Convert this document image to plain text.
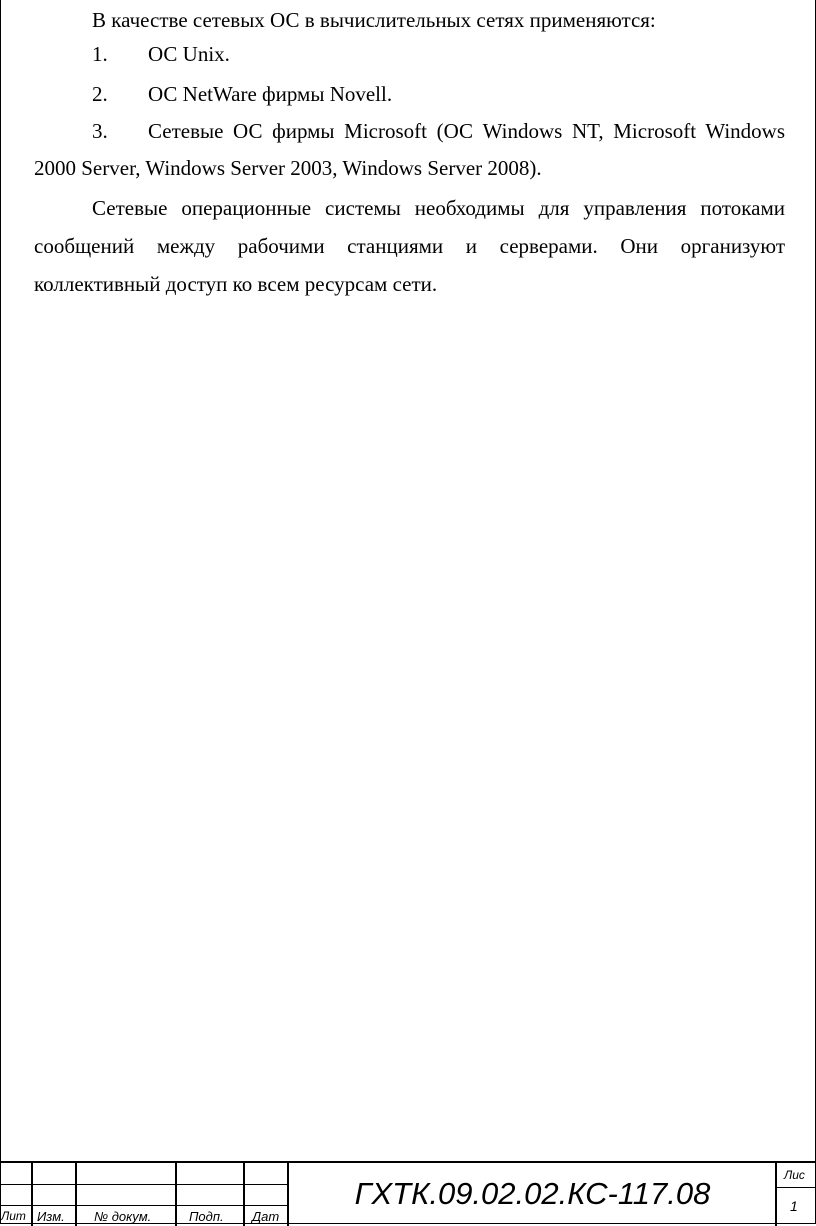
В качестве сетевых ОС в вычислительных сетях применяются:
1. ОС Unix.
2. ОС NetWare фирмы Novell.
3. Сетевые ОС фирмы Microsoft (ОС Windows NT, Microsoft Windows
2000 Server, Windows Server 2003, Windows Server 2008).
Сетевые операционные системы необходимы для управления потоками
сообщений между рабочими станциями и серверами. Они организуют
коллективный доступ ко всем ресурсам сети.
Лит Изм. № докум.	Подп. Дат
ГХТК.09.02.02.КС-117.08
Лис
1
